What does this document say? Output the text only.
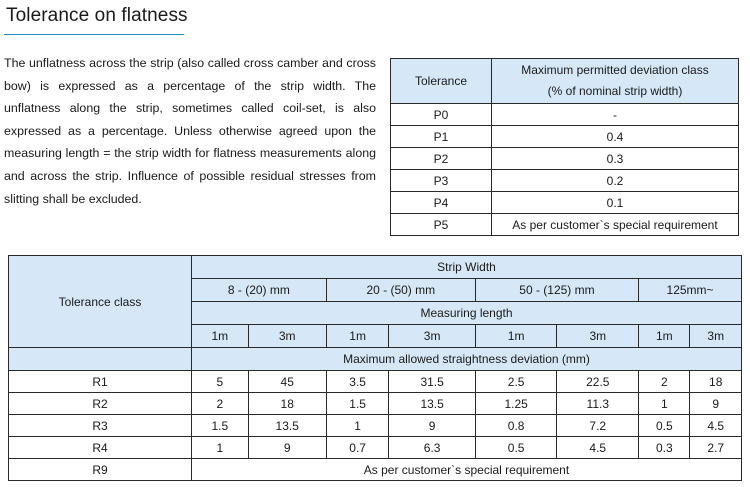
Tolerance on flatness
The unflatness across the strip (also called cross camber and cross bow) is expressed as a percentage of the strip width. The unflatness along the strip, sometimes called coil-set, is also expressed as a percentage. Unless otherwise agreed upon the measuring length = the strip width for flatness measurements along and across the strip. Influence of possible residual stresses from slitting shall be excluded.
Tolerance	Maximum permitted deviation class
(% of nominal strip width)
P0	-
P1	0.4
P2	0.3
P3	0.2
P4	0.1
P5	As per customer`s special requirement
Tolerance class	Strip Width							
	8 - (20) mm		20 - (50) mm		50 - (125) mm		125mm~	
	Measuring length							
	1m	3m	1m	3m	1m	3m	1m	3m
	Maximum allowed straightness deviation (mm)							
R1	5	45	3.5	31.5	2.5	22.5	2	18
R2	2	18	1.5	13.5	1.25	11.3	1	9
R3	1.5	13.5	1	9	0.8	7.2	0.5	4.5
R4	1	9	0.7	6.3	0.5	4.5	0.3	2.7
R9	As per customer`s special requirement							
